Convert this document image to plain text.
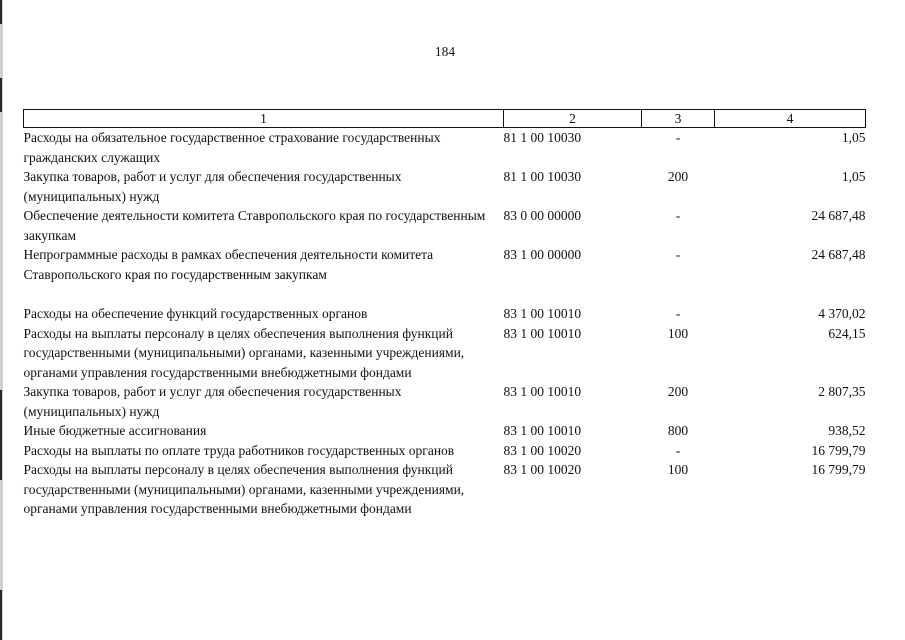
184
1	2	3	4
Расходы на обязательное государственное страхование государственных гражданских служащих	81 1 00 10030	-	1,05
Закупка товаров, работ и услуг для обеспечения государственных (муниципальных) нужд	81 1 00 10030	200	1,05
Обеспечение деятельности комитета Ставропольского края по государственным закупкам	83 0 00 00000	-	24 687,48
Непрограммные расходы в рамках обеспечения деятельности комитета Ставропольского края по государственным закупкам	83 1 00 00000	-	24 687,48

Расходы на обеспечение функций государственных органов	83 1 00 10010	-	4 370,02
Расходы на выплаты персоналу в целях обеспечения выполнения функций государственными (муниципальными) органами, казенными учреждениями, органами управления государственными внебюджетными фондами	83 1 00 10010	100	624,15
Закупка товаров, работ и услуг для обеспечения государственных (муниципальных) нужд	83 1 00 10010	200	2 807,35
Иные бюджетные ассигнования	83 1 00 10010	800	938,52
Расходы на выплаты по оплате труда работников государственных органов	83 1 00 10020	-	16 799,79
Расходы на выплаты персоналу в целях обеспечения выполнения функций государственными (муниципальными) органами, казенными учреждениями, органами управления государственными внебюджетными фондами	83 1 00 10020	100	16 799,79
